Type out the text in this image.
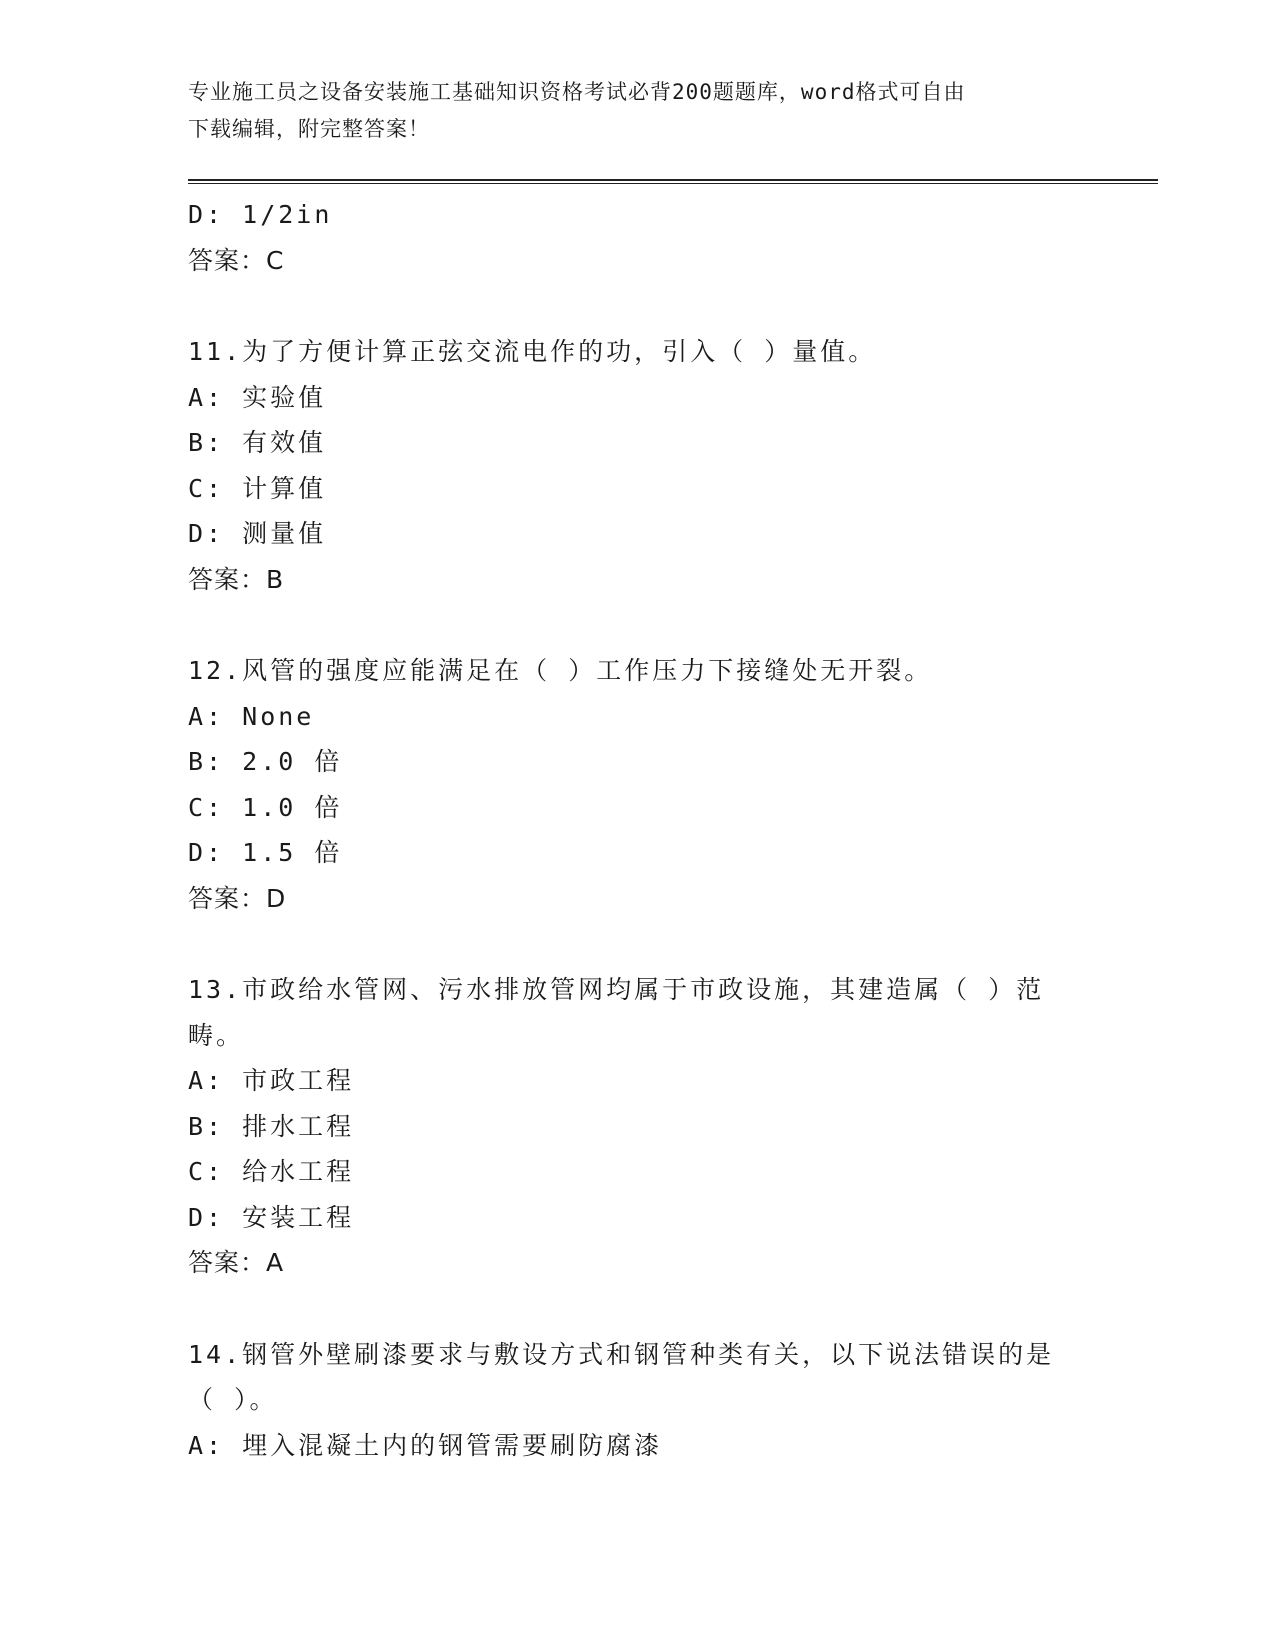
专业施工员之设备安装施工基础知识资格考试必背200题题库，word格式可自由
下载编辑，附完整答案！
D: 1/2in
答案：C
11.为了方便计算正弦交流电作的功，引入（ ）量值。
A: 实验值
B: 有效值
C: 计算值
D: 测量值
答案：B
12.风管的强度应能满足在（ ）工作压力下接缝处无开裂。
A: None
B: 2.0 倍
C: 1.0 倍
D: 1.5 倍
答案：D
13.市政给水管网、污水排放管网均属于市政设施，其建造属（ ）范
畴。
A: 市政工程
B: 排水工程
C: 给水工程
D: 安装工程
答案：A
14.钢管外壁刷漆要求与敷设方式和钢管种类有关，以下说法错误的是
（ ）。
A: 埋入混凝土内的钢管需要刷防腐漆
